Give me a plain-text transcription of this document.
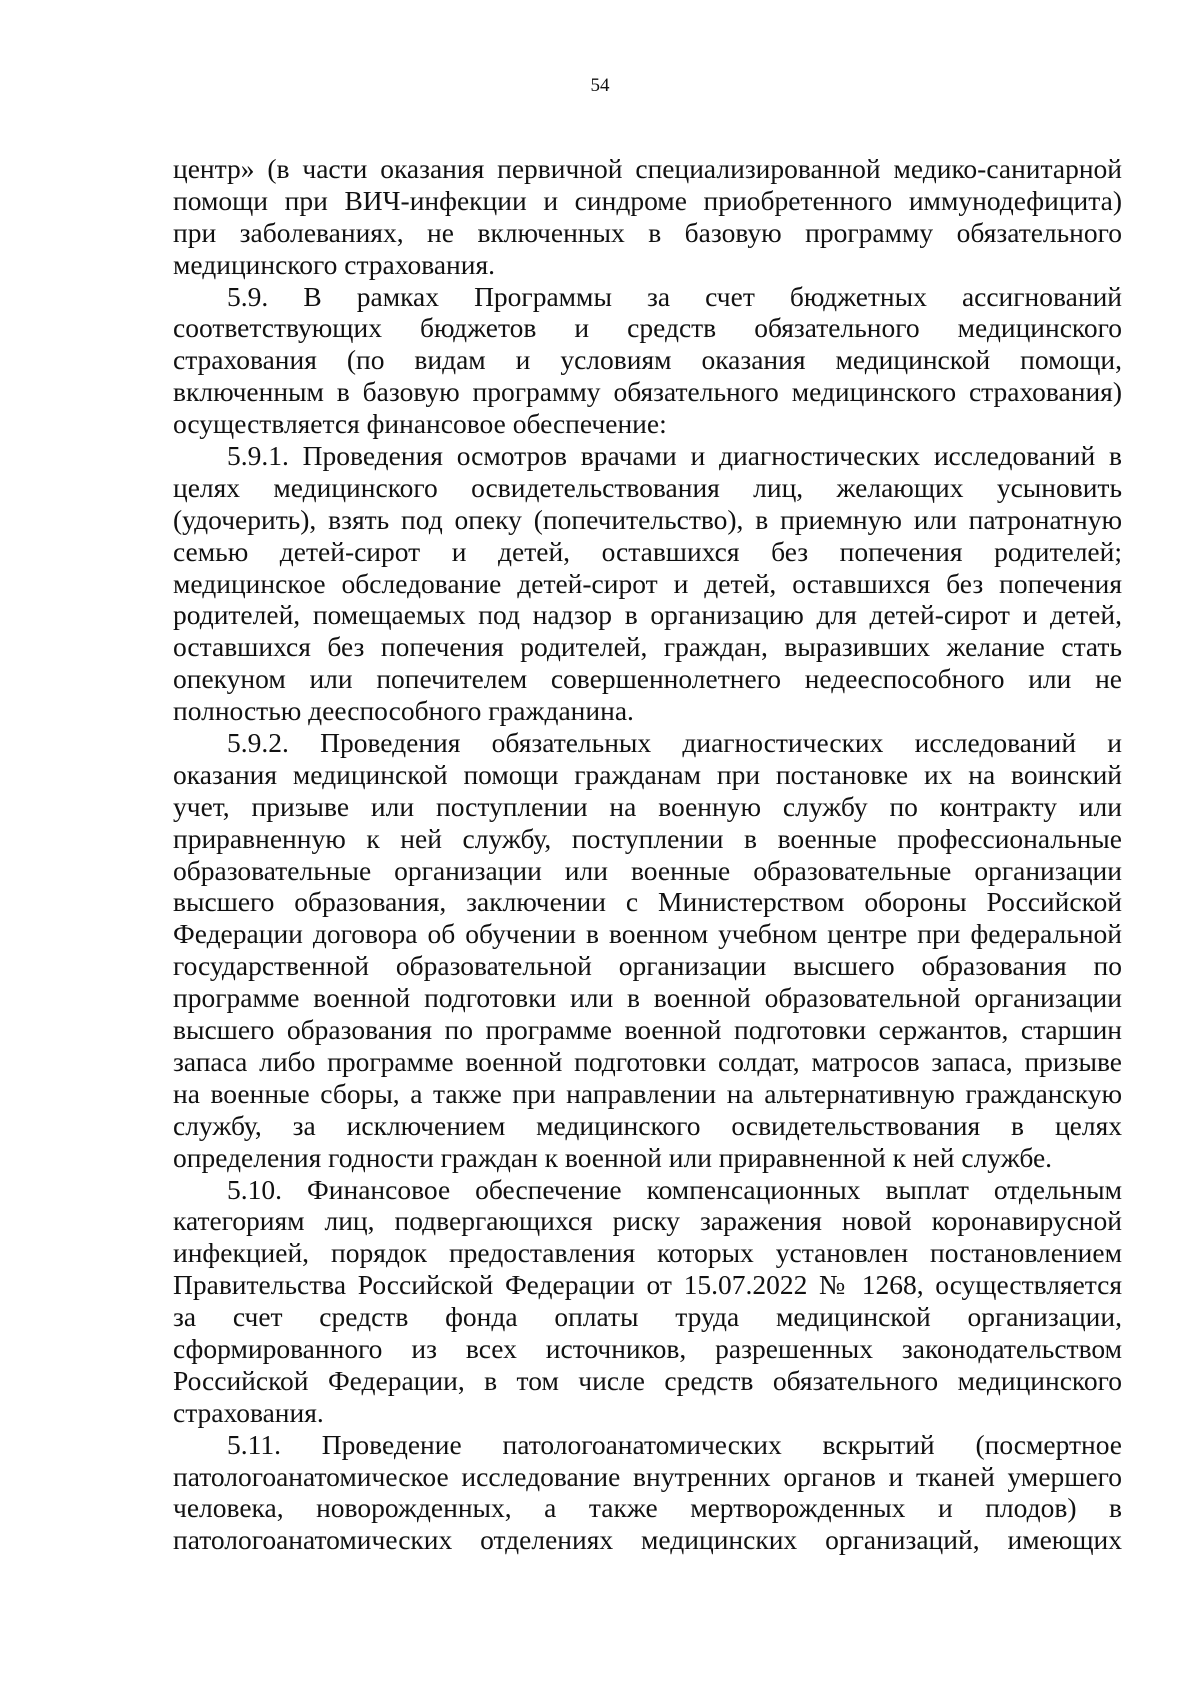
54
центр» (в части оказания первичной специализированной медико-санитарной
помощи при ВИЧ-инфекции и синдроме приобретенного иммунодефицита)
при заболеваниях, не включенных в базовую программу обязательного
медицинского страхования.
5.9. В рамках Программы за счет бюджетных ассигнований
соответствующих бюджетов и средств обязательного медицинского
страхования (по видам и условиям оказания медицинской помощи,
включенным в базовую программу обязательного медицинского страхования)
осуществляется финансовое обеспечение:
5.9.1. Проведения осмотров врачами и диагностических исследований в
целях медицинского освидетельствования лиц, желающих усыновить
(удочерить), взять под опеку (попечительство), в приемную или патронатную
семью детей-сирот и детей, оставшихся без попечения родителей;
медицинское обследование детей-сирот и детей, оставшихся без попечения
родителей, помещаемых под надзор в организацию для детей-сирот и детей,
оставшихся без попечения родителей, граждан, выразивших желание стать
опекуном или попечителем совершеннолетнего недееспособного или не
полностью дееспособного гражданина.
5.9.2. Проведения обязательных диагностических исследований и
оказания медицинской помощи гражданам при постановке их на воинский
учет, призыве или поступлении на военную службу по контракту или
приравненную к ней службу, поступлении в военные профессиональные
образовательные организации или военные образовательные организации
высшего образования, заключении с Министерством обороны Российской
Федерации договора об обучении в военном учебном центре при федеральной
государственной образовательной организации высшего образования по
программе военной подготовки или в военной образовательной организации
высшего образования по программе военной подготовки сержантов, старшин
запаса либо программе военной подготовки солдат, матросов запаса, призыве
на военные сборы, а также при направлении на альтернативную гражданскую
службу, за исключением медицинского освидетельствования в целях
определения годности граждан к военной или приравненной к ней службе.
5.10. Финансовое обеспечение компенсационных выплат отдельным
категориям лиц, подвергающихся риску заражения новой коронавирусной
инфекцией, порядок предоставления которых установлен постановлением
Правительства Российской Федерации от 15.07.2022 № 1268, осуществляется
за счет средств фонда оплаты труда медицинской организации,
сформированного из всех источников, разрешенных законодательством
Российской Федерации, в том числе средств обязательного медицинского
страхования.
5.11. Проведение патологоанатомических вскрытий (посмертное
патологоанатомическое исследование внутренних органов и тканей умершего
человека, новорожденных, а также мертворожденных и плодов) в
патологоанатомических отделениях медицинских организаций, имеющих
